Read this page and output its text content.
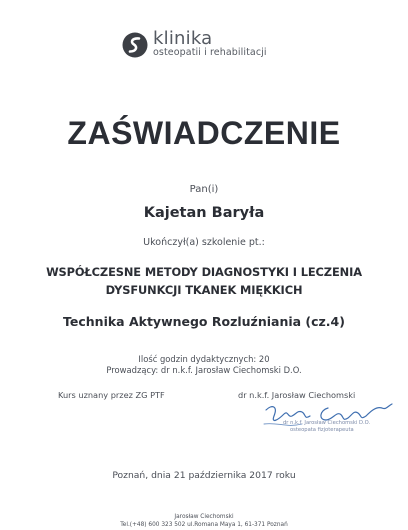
klinika
osteopatii i rehabilitacji
ZAŚWIADCZENIE
Pan(i)
Kajetan Baryła
Ukończył(a) szkolenie pt.:
WSPÓŁCZESNE METODY DIAGNOSTYKI I LECZENIA
DYSFUNKCJI TKANEK MIĘKKICH
Technika Aktywnego Rozluźniania (cz.4)
Ilość godzin dydaktycznych: 20
Prowadzący: dr n.k.f. Jarosław Ciechomski D.O.
Kurs uznany przez ZG PTF	dr n.k.f. Jarosław Ciechomski
dr n.k.f. Jarosław Ciechomski D.O.
osteopata fizjoterapeuta
Poznań, dnia 21 października 2017 roku
Jarosław Ciechomski
Tel.(+48) 600 323 502 ul.Romana Maya 1, 61-371 Poznań
